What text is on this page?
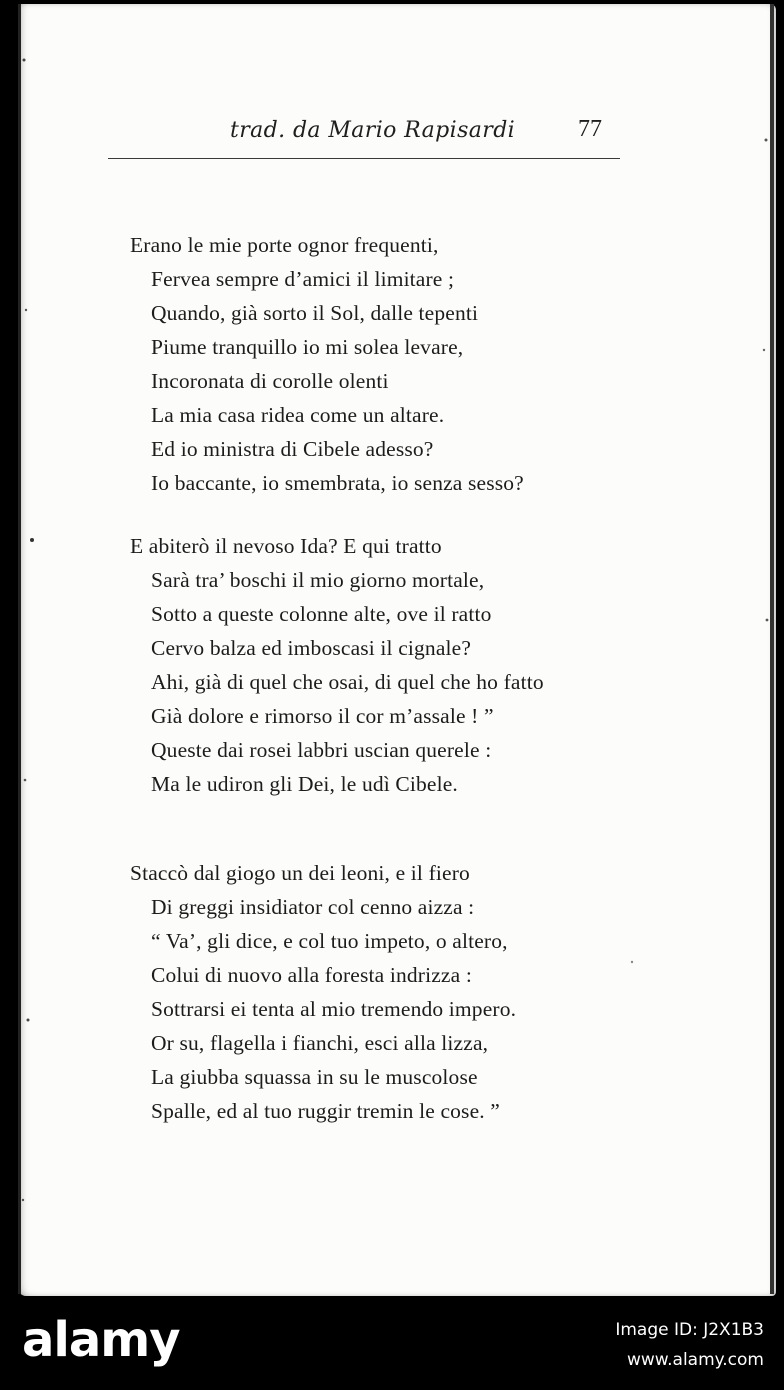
trad. da Mario Rapisardi	77
Erano le mie porte ognor frequenti,
Fervea sempre d’amici il limitare ;
Quando, già sorto il Sol, dalle tepenti
Piume tranquillo io mi solea levare,
Incoronata di corolle olenti
La mia casa ridea come un altare.
Ed io ministra di Cibele adesso?
Io baccante, io smembrata, io senza sesso?
E abiterò il nevoso Ida? E qui tratto
Sarà tra’ boschi il mio giorno mortale,
Sotto a queste colonne alte, ove il ratto
Cervo balza ed imboscasi il cignale?
Ahi, già di quel che osai, di quel che ho fatto
Già dolore e rimorso il cor m’assale ! ”
Queste dai rosei labbri uscian querele :
Ma le udiron gli Dei, le udì Cibele.
Staccò dal giogo un dei leoni, e il fiero
Di greggi insidiator col cenno aizza :
“ Va’, gli dice, e col tuo impeto, o altero,
Colui di nuovo alla foresta indrizza :
Sottrarsi ei tenta al mio tremendo impero.
Or su, flagella i fianchi, esci alla lizza,
La giubba squassa in su le muscolose
Spalle, ed al tuo ruggir tremin le cose. ”
alamy	Image ID: J2X1B3
www.alamy.com
